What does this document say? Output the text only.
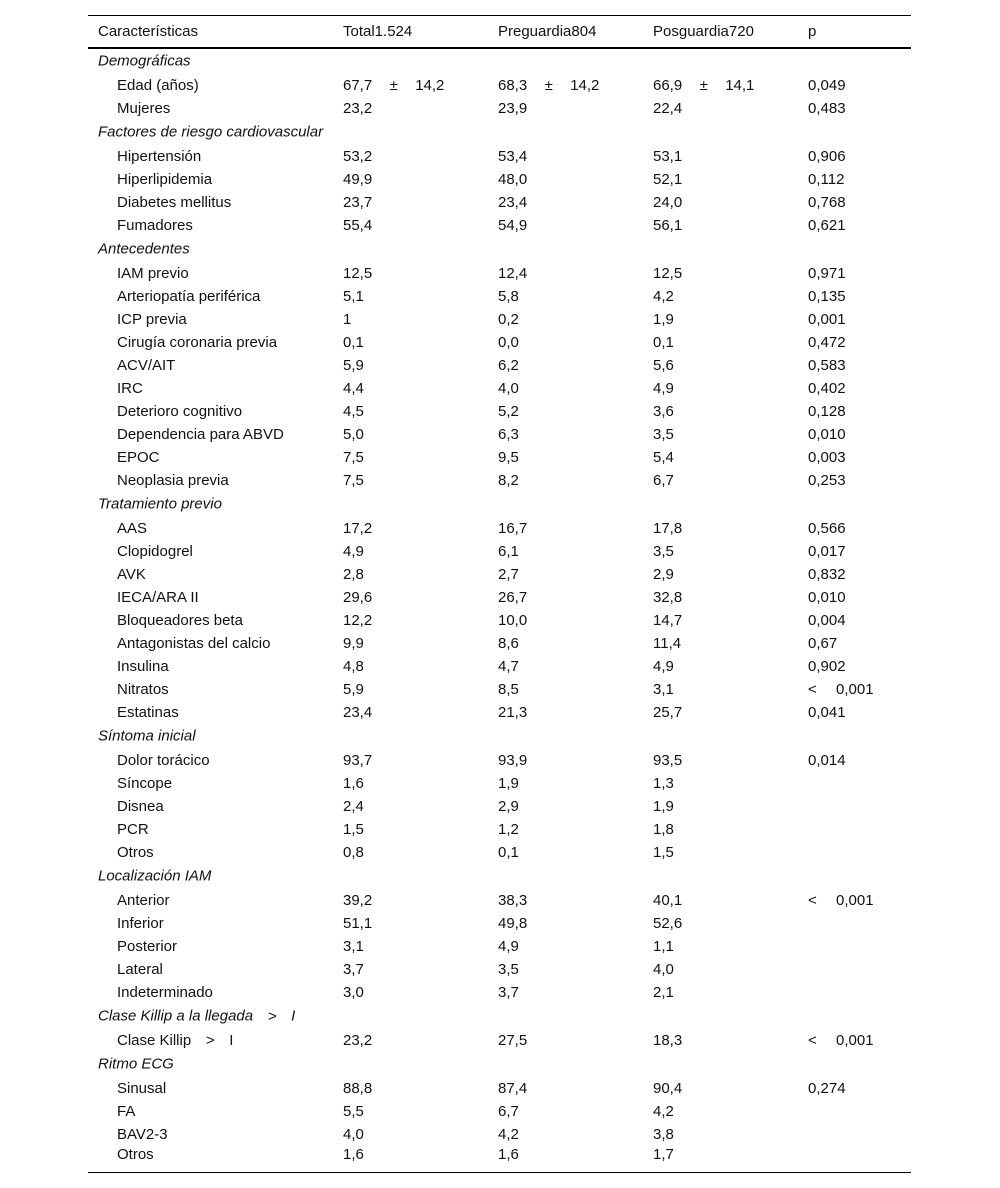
Características	Total1.524	Preguardia804	Posguardia720	p
Demográficas				
Edad (años)	67,7 ± 14,2	68,3 ± 14,2	66,9 ± 14,1	0,049
Mujeres	23,2	23,9	22,4	0,483
Factores de riesgo cardiovascular				
Hipertensión	53,2	53,4	53,1	0,906
Hiperlipidemia	49,9	48,0	52,1	0,112
Diabetes mellitus	23,7	23,4	24,0	0,768
Fumadores	55,4	54,9	56,1	0,621
Antecedentes				
IAM previo	12,5	12,4	12,5	0,971
Arteriopatía periférica	5,1	5,8	4,2	0,135
ICP previa	1	0,2	1,9	0,001
Cirugía coronaria previa	0,1	0,0	0,1	0,472
ACV/AIT	5,9	6,2	5,6	0,583
IRC	4,4	4,0	4,9	0,402
Deterioro cognitivo	4,5	5,2	3,6	0,128
Dependencia para ABVD	5,0	6,3	3,5	0,010
EPOC	7,5	9,5	5,4	0,003
Neoplasia previa	7,5	8,2	6,7	0,253
Tratamiento previo				
AAS	17,2	16,7	17,8	0,566
Clopidogrel	4,9	6,1	3,5	0,017
AVK	2,8	2,7	2,9	0,832
IECA/ARA II	29,6	26,7	32,8	0,010
Bloqueadores beta	12,2	10,0	14,7	0,004
Antagonistas del calcio	9,9	8,6	11,4	0,67
Insulina	4,8	4,7	4,9	0,902
Nitratos	5,9	8,5	3,1	< 0,001
Estatinas	23,4	21,3	25,7	0,041
Síntoma inicial				
Dolor torácico	93,7	93,9	93,5	0,014
Síncope	1,6	1,9	1,3	
Disnea	2,4	2,9	1,9	
PCR	1,5	1,2	1,8	
Otros	0,8	0,1	1,5	
Localización IAM				
Anterior	39,2	38,3	40,1	< 0,001
Inferior	51,1	49,8	52,6	
Posterior	3,1	4,9	1,1	
Lateral	3,7	3,5	4,0	
Indeterminado	3,0	3,7	2,1	
Clase Killip a la llegada > I				
Clase Killip > I	23,2	27,5	18,3	< 0,001
Ritmo ECG				
Sinusal	88,8	87,4	90,4	0,274
FA	5,5	6,7	4,2	
BAV2-3	4,0	4,2	3,8	
Otros	1,6	1,6	1,7	
